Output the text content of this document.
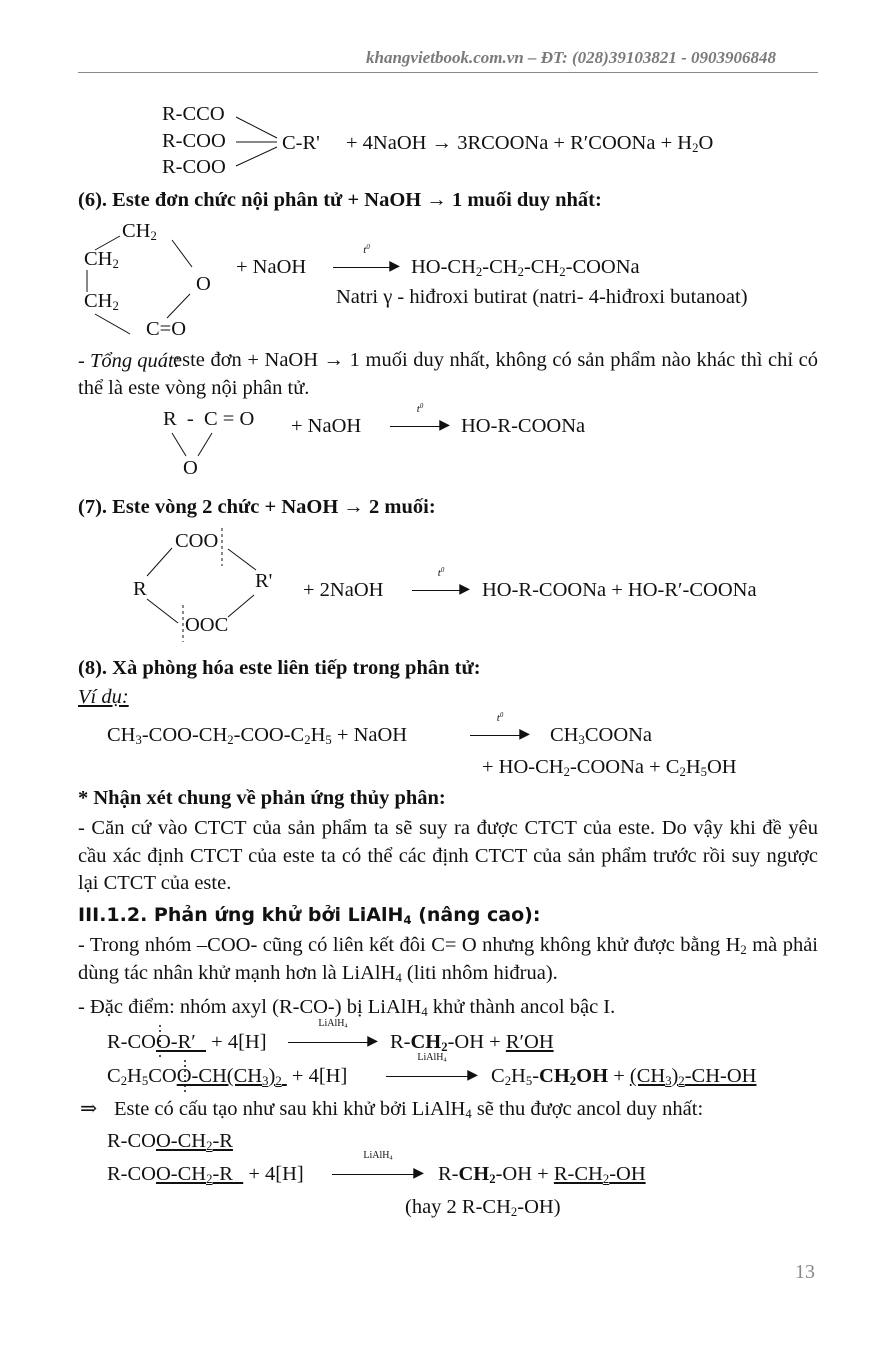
khangvietbook.com.vn – ĐT: (028)39103821 - 0903906848
R-CCO
R-COO
R-COO
C-R' + 4NaOH → 3RCOONa + R′COONa + $H_2O$
(6). Este đơn chức nội phân tử + NaOH → 1 muối duy nhất:
$CH_2$
$CH_2$
$CH_2$
O
C=O
+ NaOH
$t^0$
▶ $HO-CH_2-CH_2-CH_2$-COONa
Natri γ - hiđroxi butirat (natri- 4-hiđroxi butanoat)
- Tổng quát:
este đơn + NaOH → 1 muối duy nhất, không có sản phẩm nào khác thì chỉ có thể là este vòng nội phân tử.
R  -  C = O
O
+ NaOH
$t^0$
▶ HO-R-COONa
(7). Este vòng 2 chức + NaOH → 2 muối:
COO
R	R'
OOC
+ 2NaOH
$t^0$
▶ HO-R-COONa + HO-R′-COONa
(8). Xà phòng hóa este liên tiếp trong phân tử:
Ví dụ:
$CH_3-COO-CH_2-COO-C_2H_5$ + NaOH
$t^0$
▶ $CH_3COONa$
+ $HO-CH_2$-COONa + $C_2H_5OH$
* Nhận xét chung về phản ứng thủy phân:
- Căn cứ vào CTCT của sản phẩm ta sẽ suy ra được CTCT của este. Do vậy khi đề yêu cầu xác định CTCT của este ta có thể các định CTCT của sản phẩm trước rồi suy ngược lại CTCT của este.
III.1.2. Phản ứng khử bởi LiAlH$_4$ (nâng cao):
- Trong nhóm –COO- cũng có liên kết đôi C= O nhưng không khử được bằng $H_2$ mà phải dùng tác nhân khử mạnh hơn là LiAlH$_4$ (liti nhôm hiđrua).
- Đặc điểm: nhóm axyl (R-CO-) bị LiAlH$_4$ khử thành ancol bậc I.
R-COO-R′   + 4[H]
LiAlH$_4$
▶ $R-CH_2-OH + R'OH$
$C_2H_5COO-CH(CH_3)_2 + 4[H]$
LiAlH$_4$
▶ $C_2H_5-CH_2OH + (CH_3)_2-CH-OH$
⇒ Este có cấu tạo như sau khi khử bởi LiAlH$_4$ sẽ thu được ancol duy nhất:
$R-COO-CH_2-R$
$R-COO-CH_2-R + 4[H]$
LiAlH$_4$
▶ $R-CH_2-OH + R-CH_2-OH$
(hay 2 $R-CH_2-OH$)
13
